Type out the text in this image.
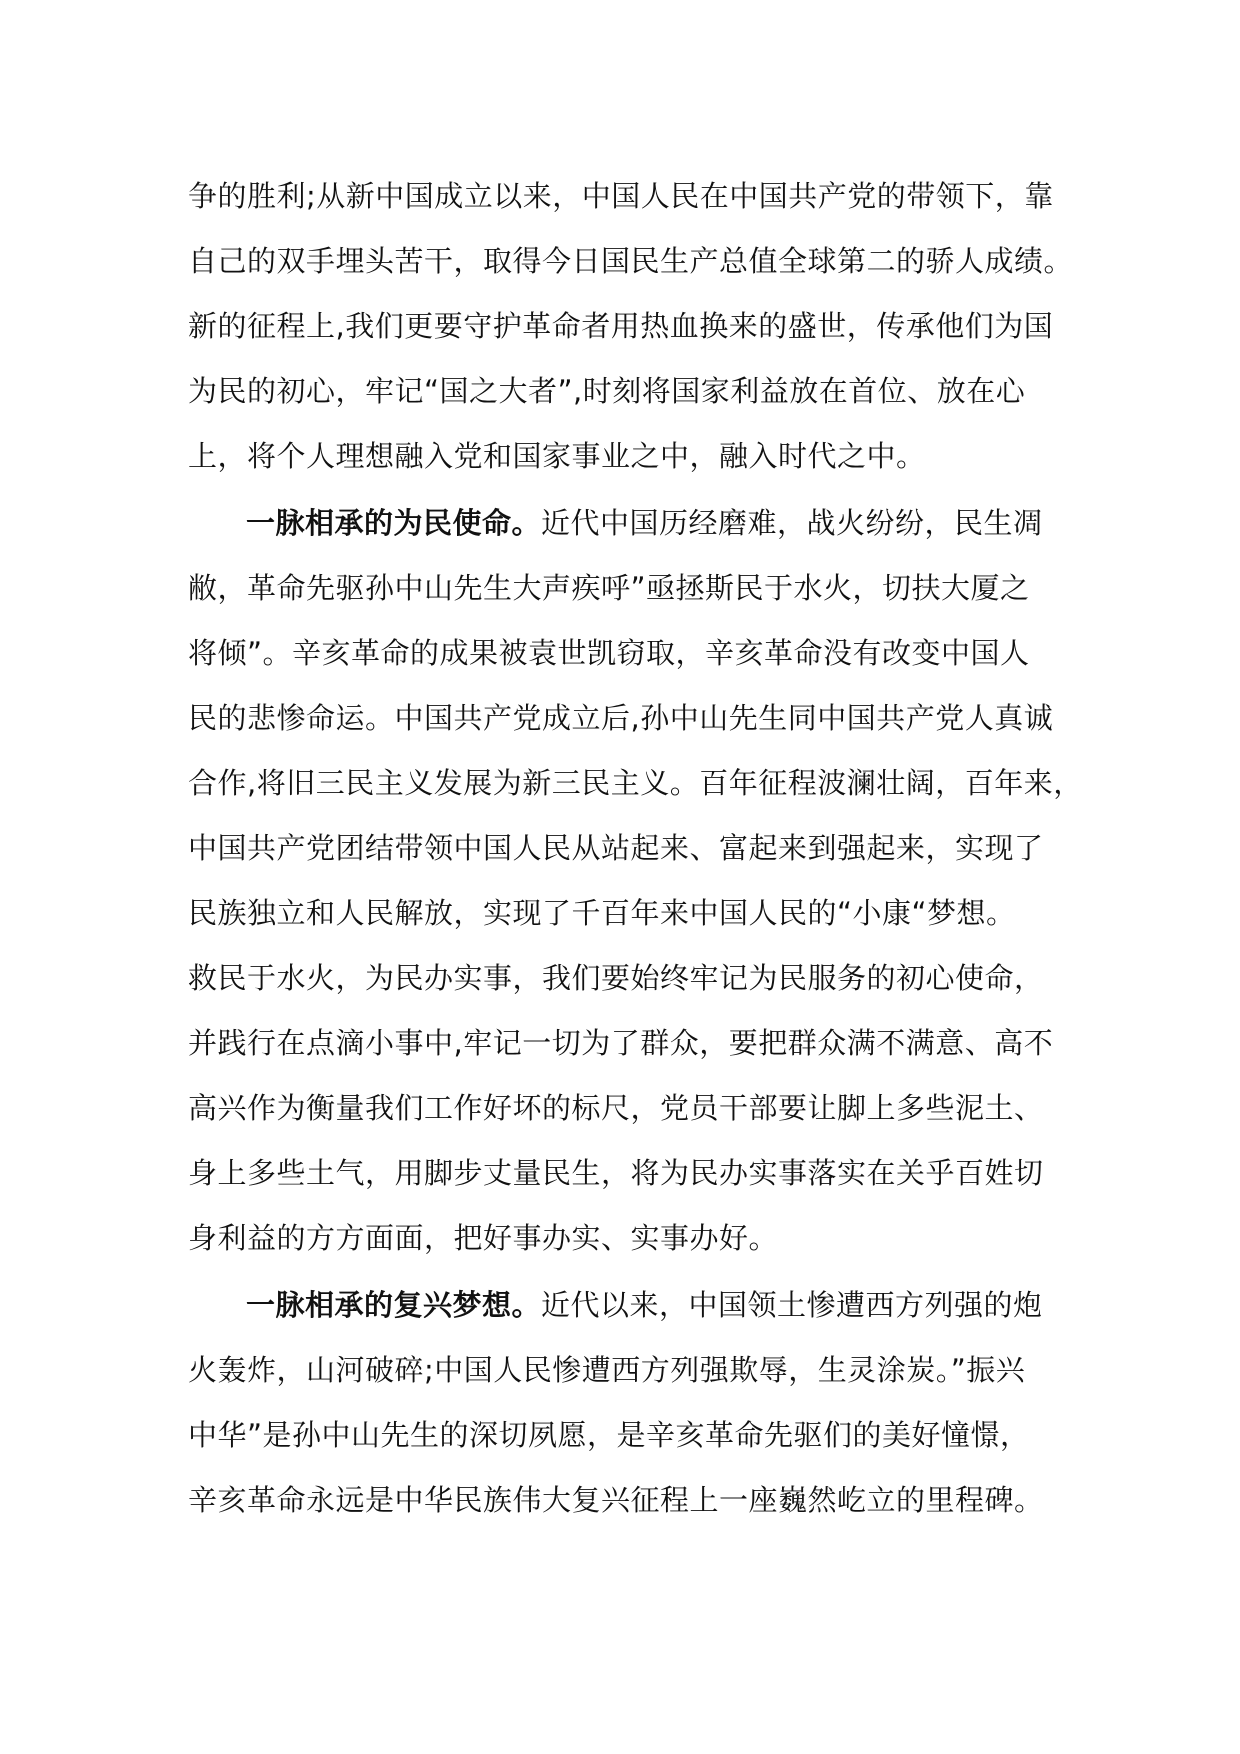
争的胜利;从新中国成立以来，中国人民在中国共产党的带领下，靠
自己的双手埋头苦干，取得今日国民生产总值全球第二的骄人成绩。
新的征程上,我们更要守护革命者用热血换来的盛世，传承他们为国
为民的初心，牢记“国之大者”,时刻将国家利益放在首位、放在心
上，将个人理想融入党和国家事业之中，融入时代之中。
一脉相承的为民使命。近代中国历经磨难，战火纷纷，民生凋
敝，革命先驱孙中山先生大声疾呼”亟拯斯民于水火，切扶大厦之
将倾”。辛亥革命的成果被袁世凯窃取，辛亥革命没有改变中国人
民的悲惨命运。中国共产党成立后,孙中山先生同中国共产党人真诚
合作,将旧三民主义发展为新三民主义。百年征程波澜壮阔，百年来，
中国共产党团结带领中国人民从站起来、富起来到强起来，实现了
民族独立和人民解放，实现了千百年来中国人民的“小康“梦想。
救民于水火，为民办实事，我们要始终牢记为民服务的初心使命，
并践行在点滴小事中,牢记一切为了群众，要把群众满不满意、高不
高兴作为衡量我们工作好坏的标尺，党员干部要让脚上多些泥土、
身上多些土气，用脚步丈量民生，将为民办实事落实在关乎百姓切
身利益的方方面面，把好事办实、实事办好。
一脉相承的复兴梦想。近代以来，中国领土惨遭西方列强的炮
火轰炸，山河破碎;中国人民惨遭西方列强欺辱，生灵涂炭。”振兴
中华”是孙中山先生的深切夙愿，是辛亥革命先驱们的美好憧憬，
辛亥革命永远是中华民族伟大复兴征程上一座巍然屹立的里程碑。
